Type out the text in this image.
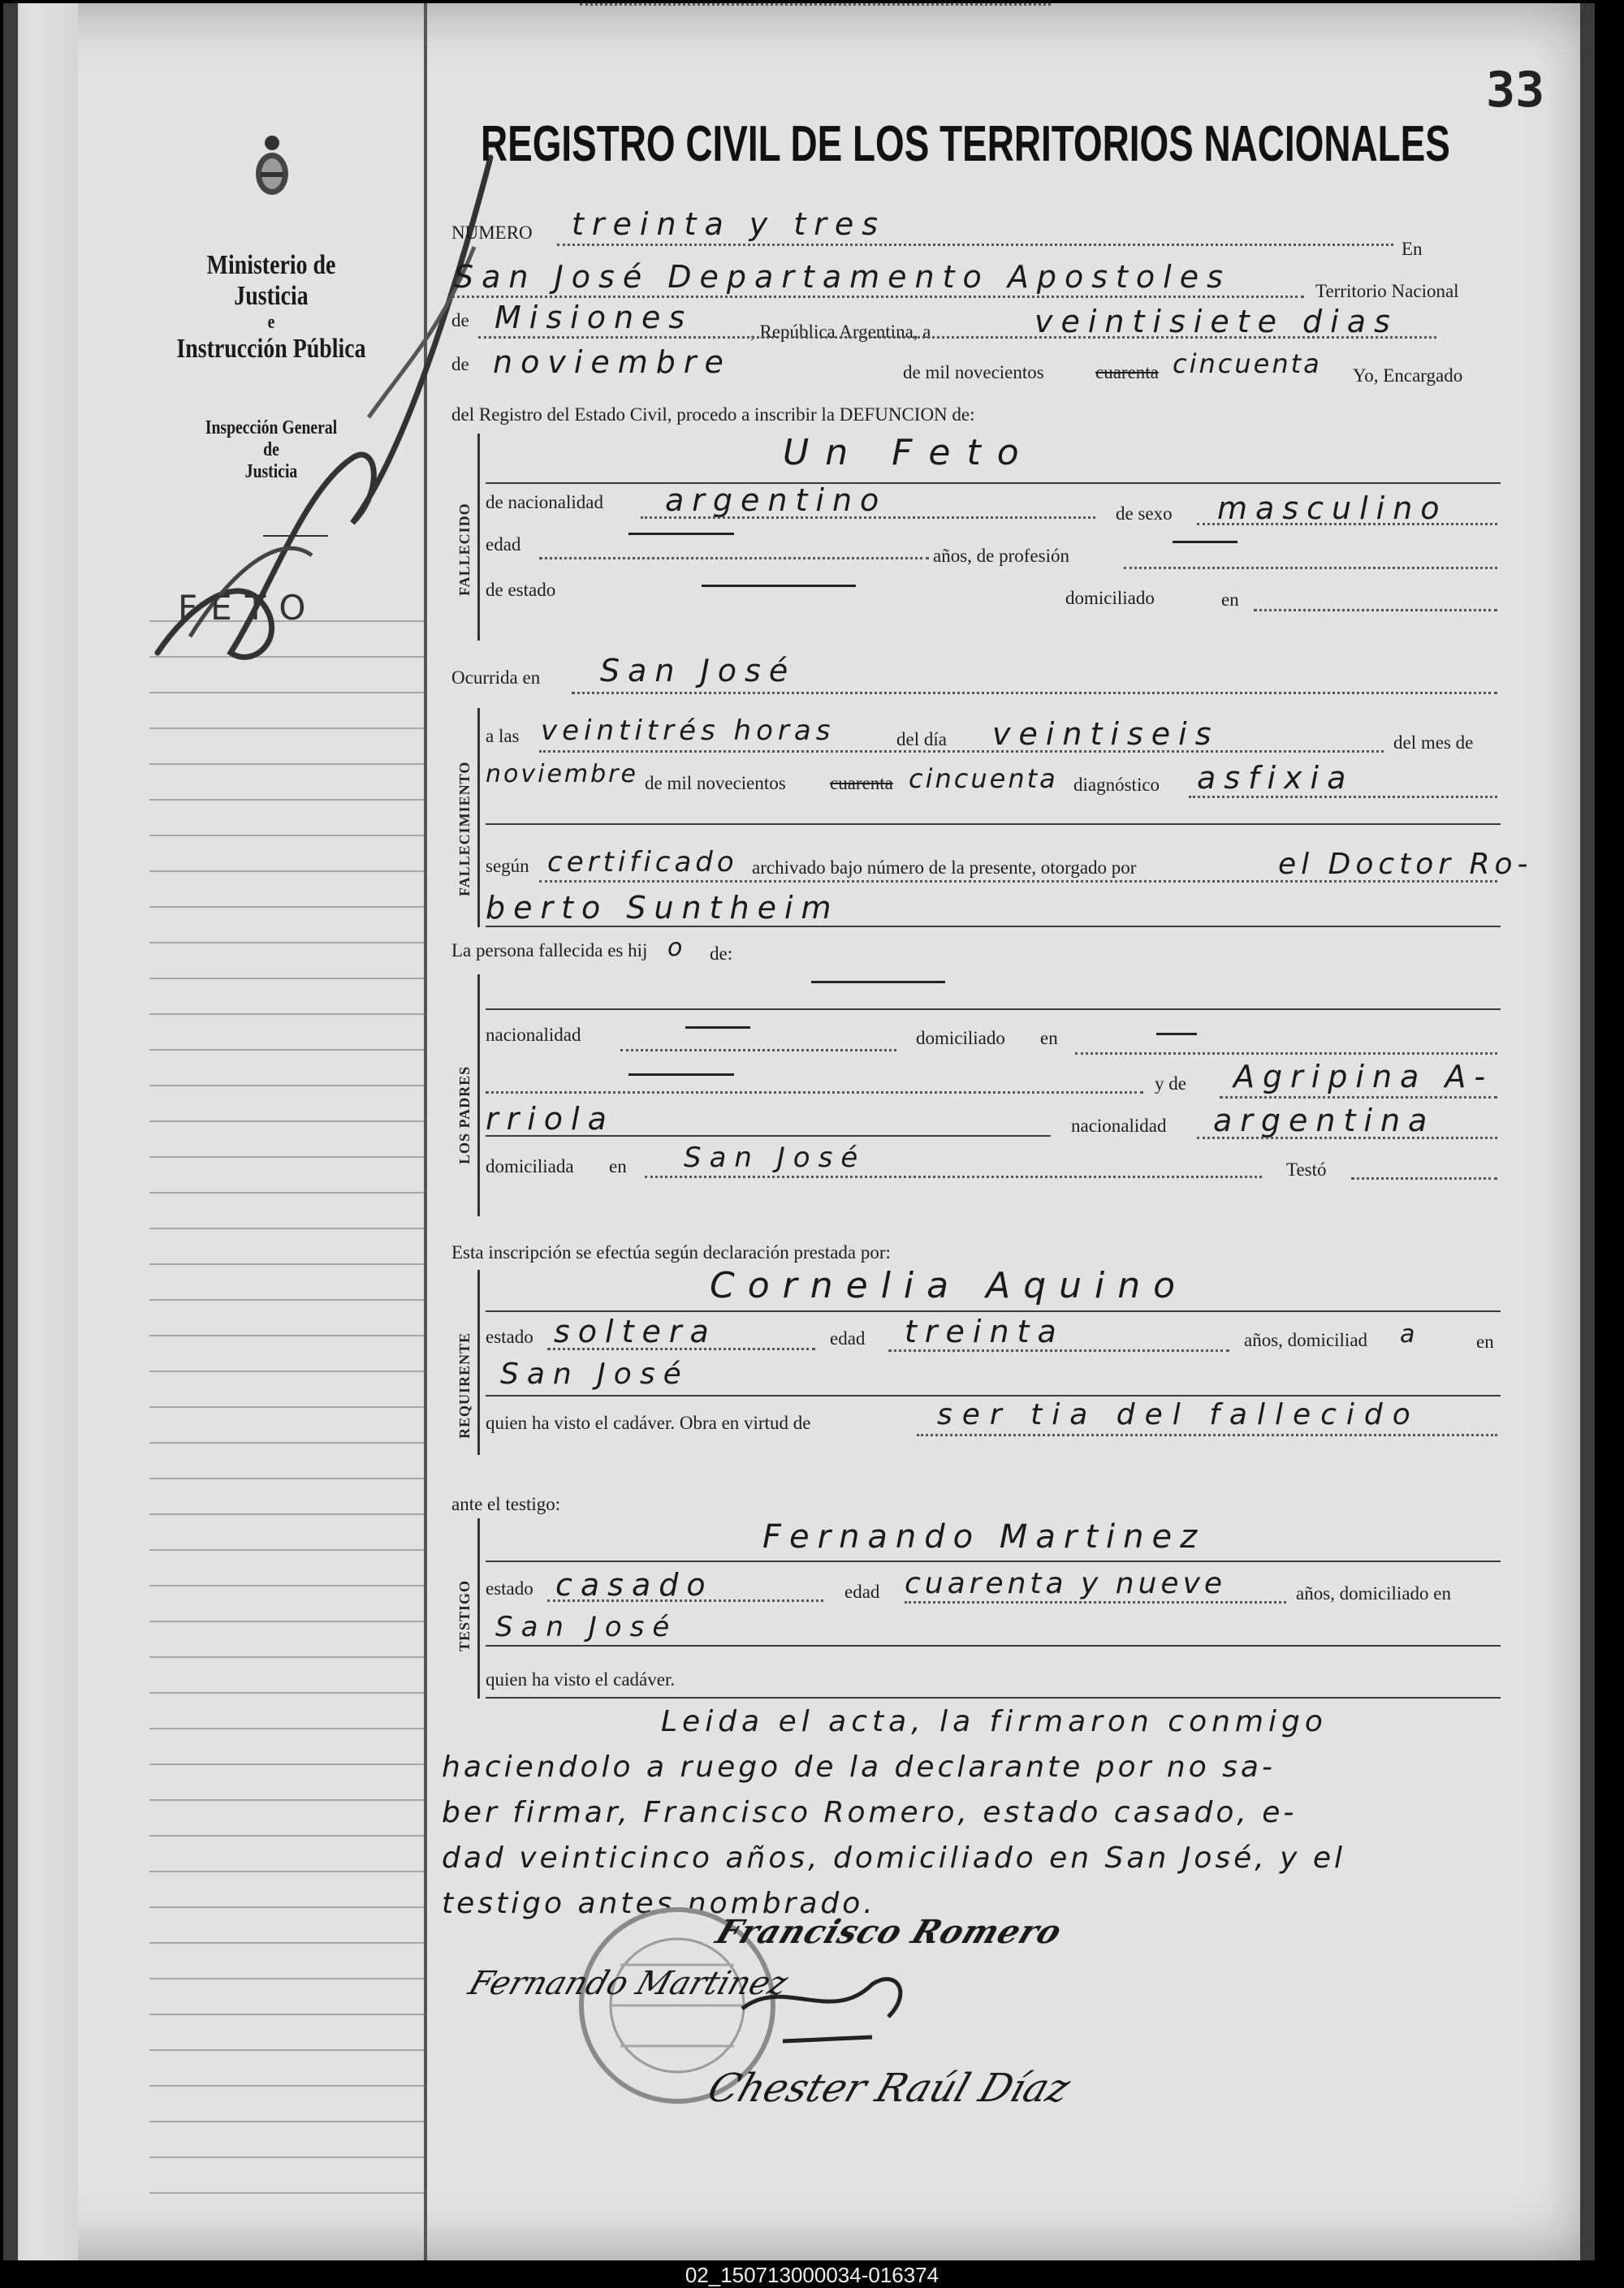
Ministerio de Justicia
e
Instrucción Pública
Inspección General
de
Justicia
FETO
33
REGISTRO CIVIL DE LOS TERRITORIOS NACIONALES
NUMERO treinta y tres
En
San José Departamento Apostoles	Territorio Nacional
de Misiones	, República Argentina, a	veintisiete dias
de noviembre	de mil novecientos	cuarenta cincuenta Yo, Encargado
del Registro del Estado Civil, procedo a inscribir la DEFUNCION de:
FALLECIDO
Un Feto
de nacionalidad argentino	de sexo masculino
edad
años, de profesión
de estado	domiciliado	en
Ocurrida en San José
FALLECIMIENTO
a las veintitrés horas	del día veintiseis	del mes de
noviembre de mil novecientos cuarenta cincuenta diagnóstico asfixia
según certificado archivado bajo número de la presente, otorgado por	el Doctor Ro-
berto Suntheim
La persona fallecida es hij o de:
LOS PADRES
nacionalidad	domiciliado en
y de Agripina A-
rriola	nacionalidad argentina
domiciliada en San José	Testó
Esta inscripción se efectúa según declaración prestada por:
REQUIRENTE
Cornelia Aquino
estado soltera	edad treinta	años, domiciliad a	en
San José
quien ha visto el cadáver. Obra en virtud de	ser tia del fallecido
ante el testigo:
TESTIGO
Fernando Martinez
estado casado	edad cuarenta y nueve	años, domiciliado en
San José
quien ha visto el cadáver.
Leida el acta, la firmaron conmigo
haciendolo a ruego de la declarante por no sa-
ber firmar, Francisco Romero, estado casado, e-
dad veinticinco años, domiciliado en San José, y el
testigo antes nombrado.
Francisco Romero
Fernando Martinez
Chester Raúl Díaz
02_150713000034-016374
